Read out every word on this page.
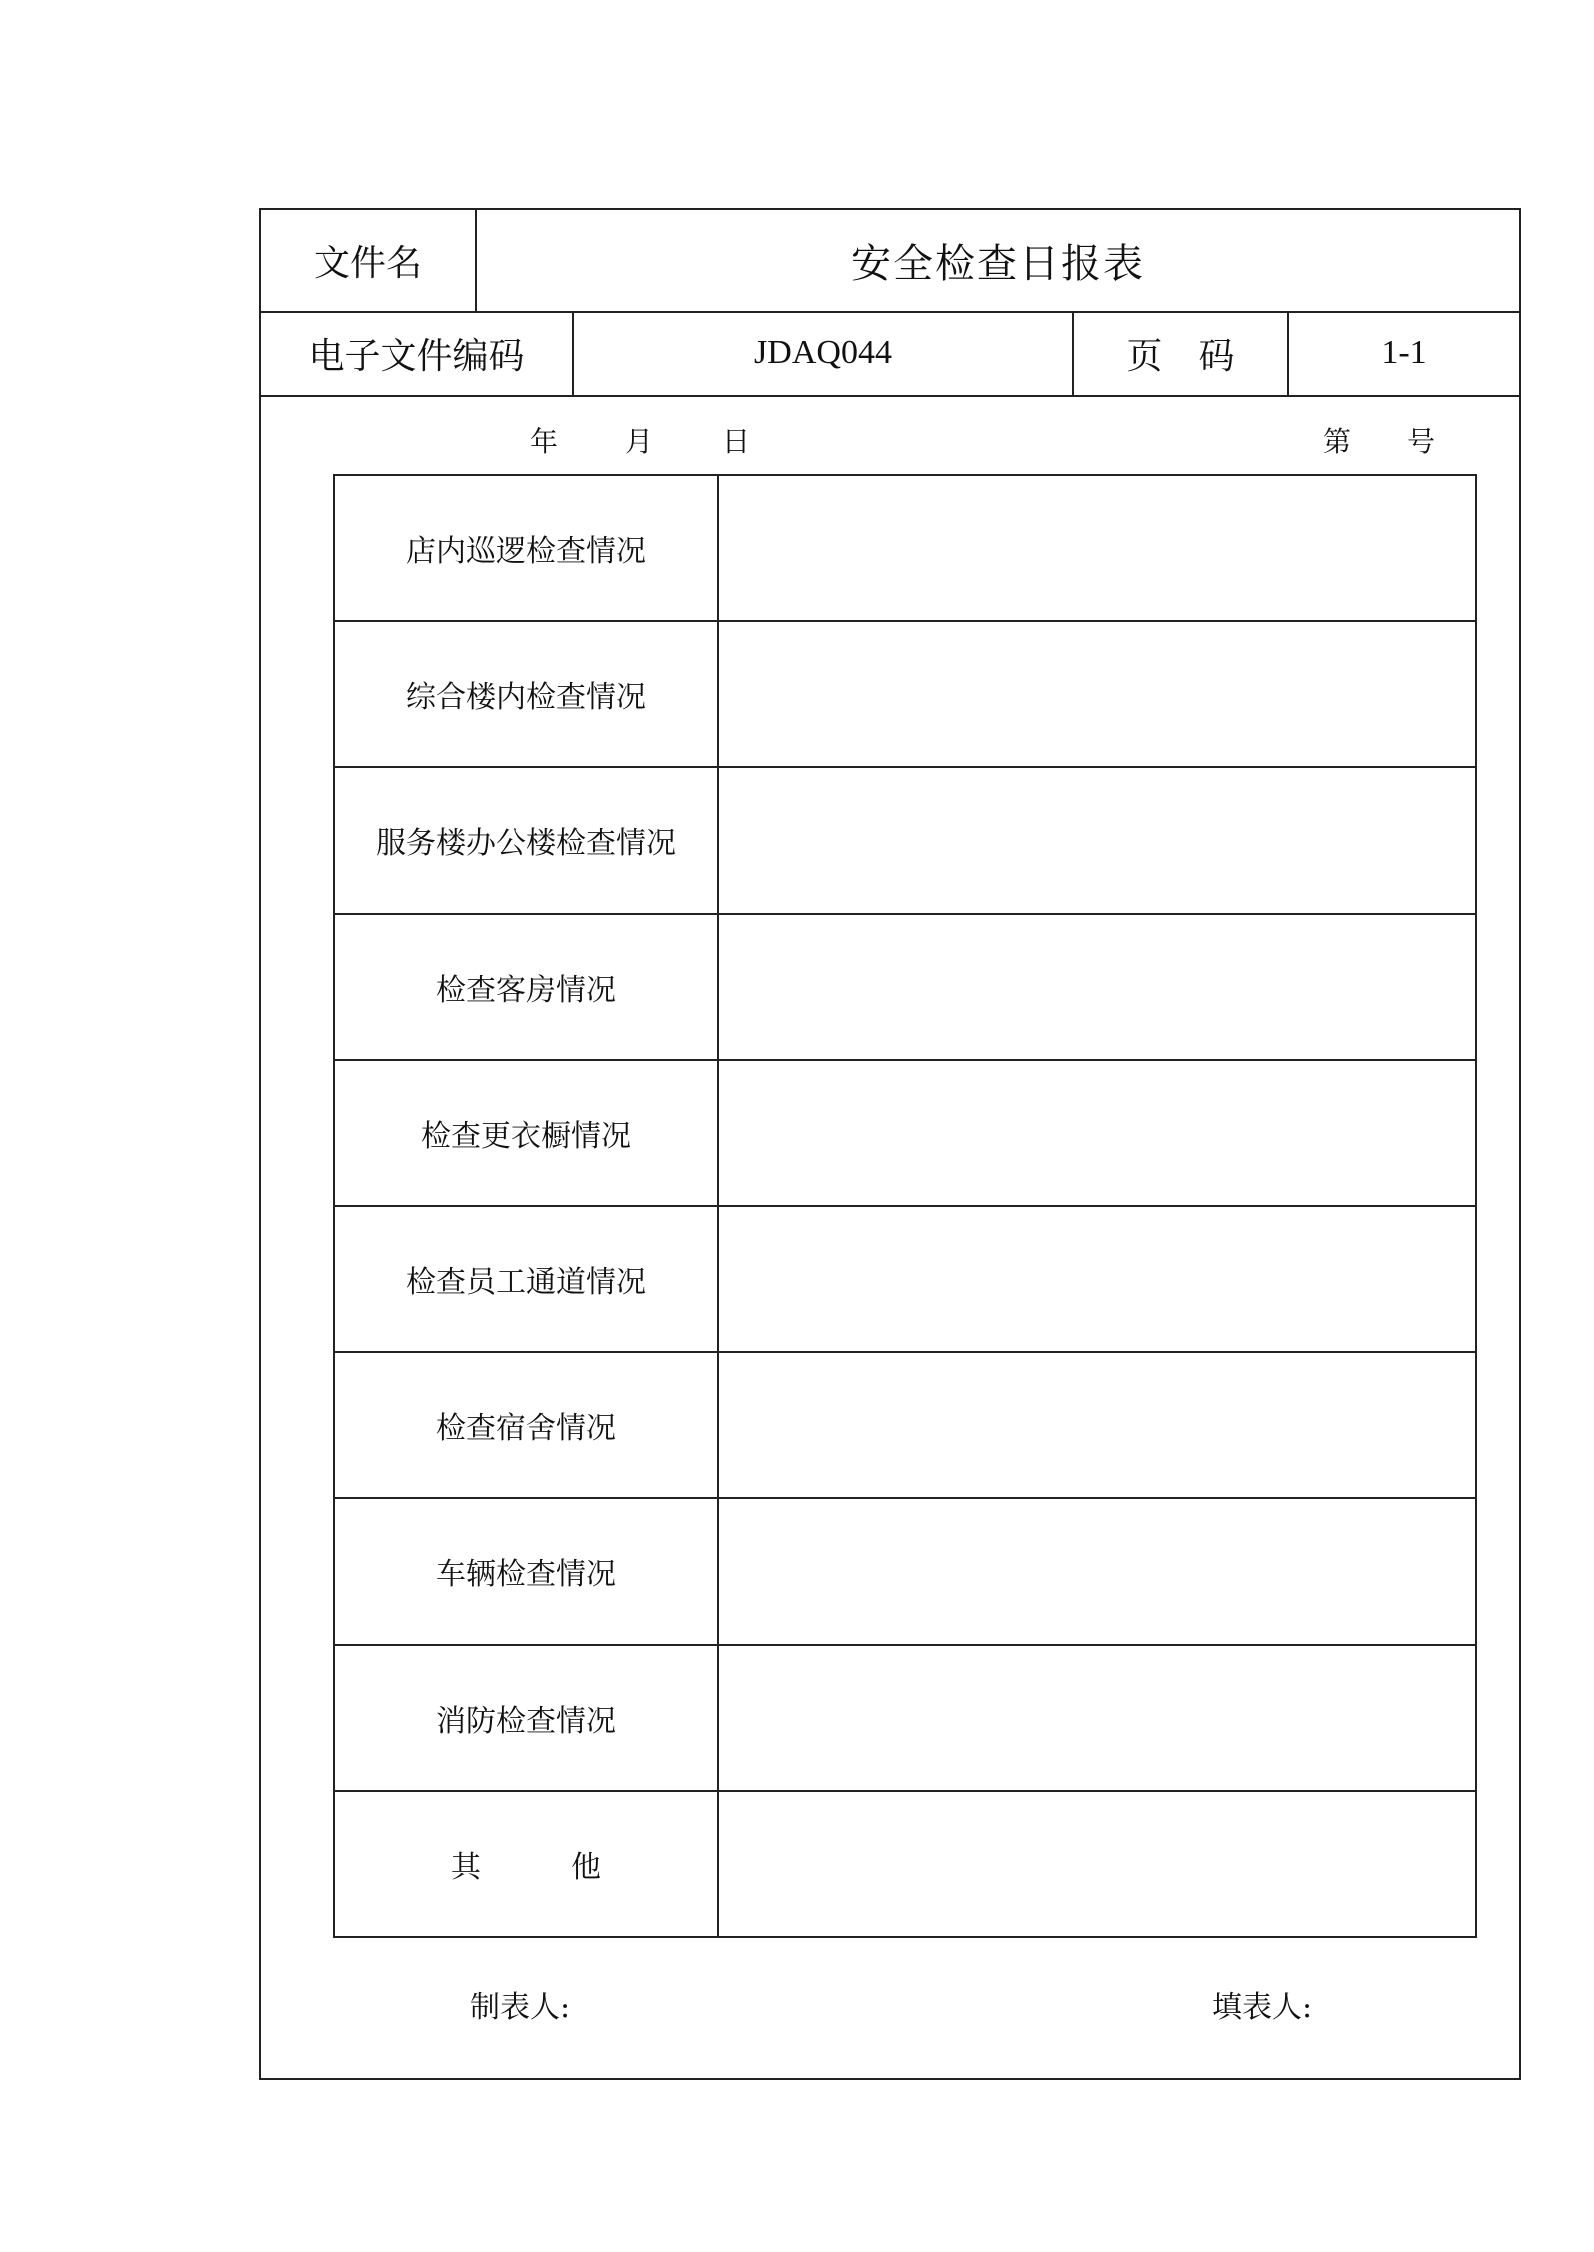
文件名	安全检查日报表
电子文件编码	JDAQ044	页　码	1-1
年 月 日	第　　号
店内巡逻检查情况	
综合楼内检查情况	
服务楼办公楼检查情况	
检查客房情况	
检查更衣橱情况	
检查员工通道情况	
检查宿舍情况	
车辆检查情况	
消防检查情况	
其　　　他	
制表人:	填表人:
